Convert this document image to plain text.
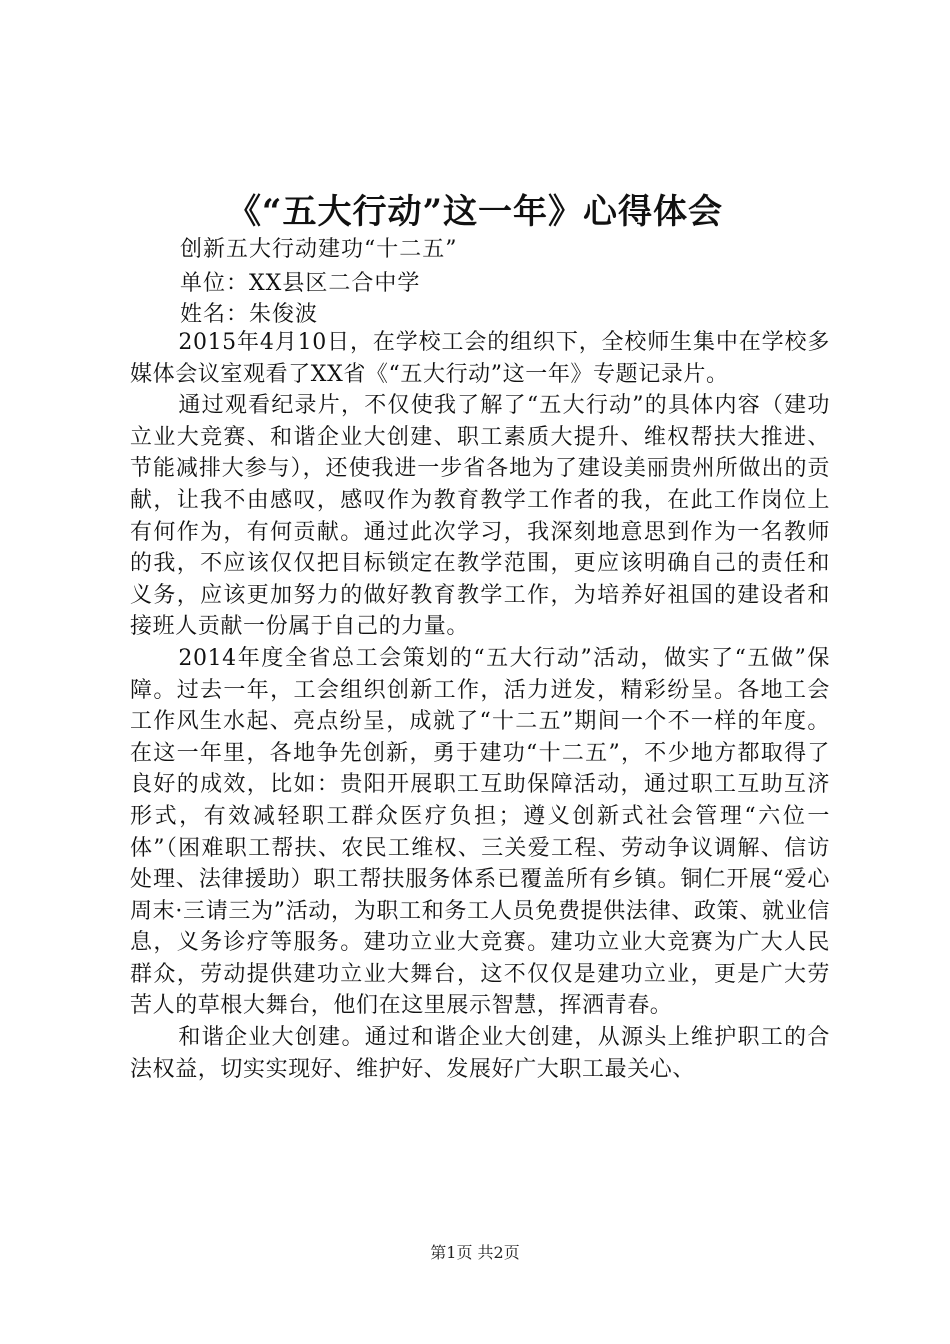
《“五大行动”这一年》心得体会

创新五大行动建功“十二五”

单位：XX县区二合中学

姓名：朱俊波

2015年4月10日，在学校工会的组织下，全校师生集中在学校多媒体会议室观看了XX省《“五大行动”这一年》专题记录片。

通过观看纪录片，不仅使我了解了“五大行动”的具体内容（建功立业大竞赛、和谐企业大创建、职工素质大提升、维权帮扶大推进、节能减排大参与），还使我进一步省各地为了建设美丽贵州所做出的贡献，让我不由感叹，感叹作为教育教学工作者的我，在此工作岗位上有何作为，有何贡献。通过此次学习，我深刻地意思到作为一名教师的我，不应该仅仅把目标锁定在教学范围，更应该明确自己的责任和义务，应该更加努力的做好教育教学工作，为培养好祖国的建设者和接班人贡献一份属于自己的力量。

2014年度全省总工会策划的“五大行动”活动，做实了“五做”保障。过去一年，工会组织创新工作，活力迸发，精彩纷呈。各地工会工作风生水起、亮点纷呈，成就了“十二五”期间一个不一样的年度。在这一年里，各地争先创新，勇于建功“十二五”，不少地方都取得了良好的成效，比如：贵阳开展职工互助保障活动，通过职工互助互济形式，有效减轻职工群众医疗负担；遵义创新式社会管理“六位一体”（困难职工帮扶、农民工维权、三关爱工程、劳动争议调解、信访处理、法律援助）职工帮扶服务体系已覆盖所有乡镇。铜仁开展“爱心周末·三请三为”活动，为职工和务工人员免费提供法律、政策、就业信息，义务诊疗等服务。建功立业大竞赛。建功立业大竞赛为广大人民群众，劳动提供建功立业大舞台，这不仅仅是建功立业，更是广大劳苦人的草根大舞台，他们在这里展示智慧，挥洒青春。

和谐企业大创建。通过和谐企业大创建，从源头上维护职工的合法权益，切实实现好、维护好、发展好广大职工最关心、

第1页 共2页
